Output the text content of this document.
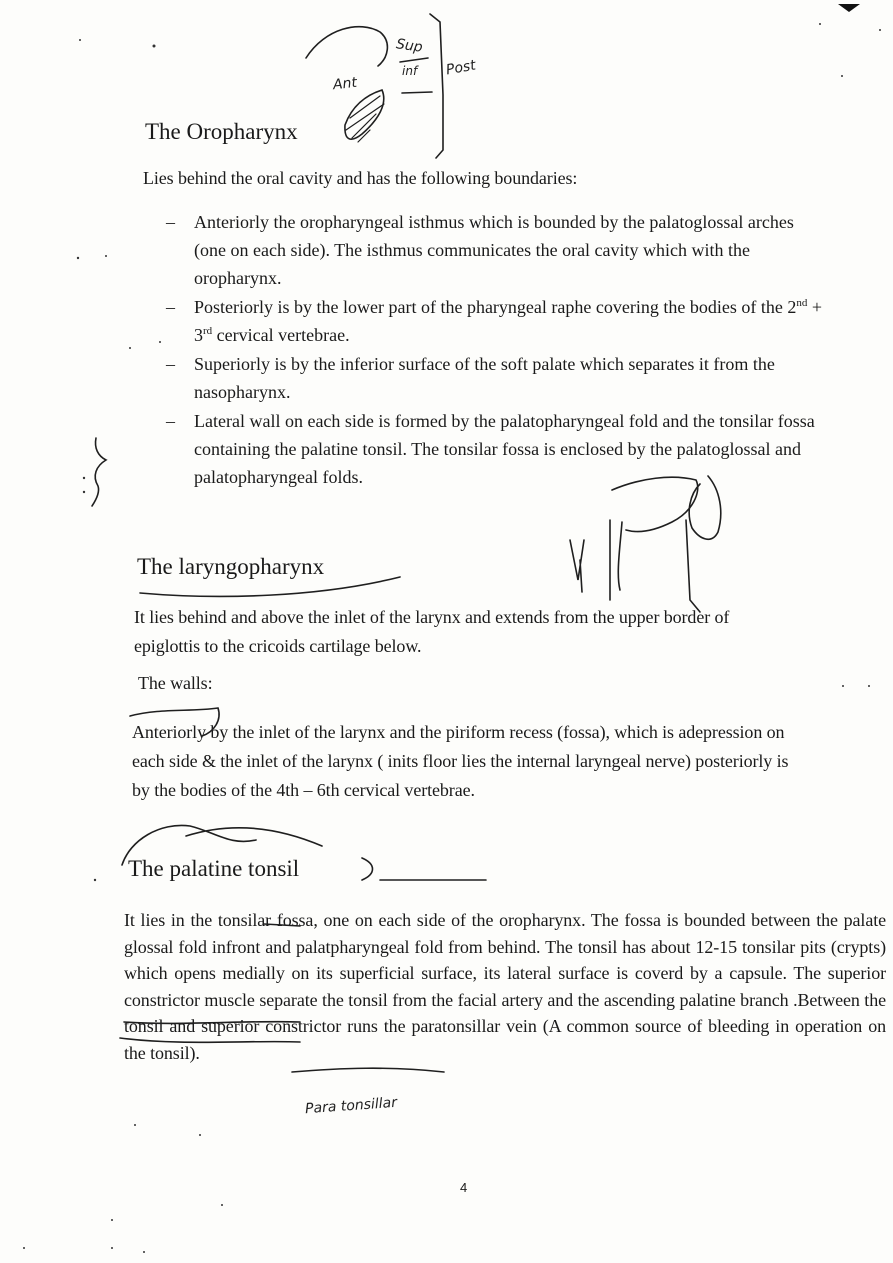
The Oropharynx
Lies behind the oral cavity and has the following boundaries:
– Anteriorly the oropharyngeal isthmus which is bounded by the palatoglossal arches (one on each side). The isthmus communicates the oral cavity which with the oropharynx.
– Posteriorly is by the lower part of the pharyngeal raphe covering the bodies of the 2nd + 3rd cervical vertebrae.
– Superiorly is by the inferior surface of the soft palate which separates it from the nasopharynx.
– Lateral wall on each side is formed by the palatopharyngeal fold and the tonsilar fossa containing the palatine tonsil. The tonsilar fossa is enclosed by the palatoglossal and palatopharyngeal folds.
The laryngopharynx
It lies behind and above the inlet of the larynx and extends from the upper border of epiglottis to the cricoids cartilage below.
The walls:
Anteriorly by the inlet of the larynx and the piriform recess (fossa), which is adepression on each side & the inlet of the larynx ( inits floor lies the internal laryngeal nerve) posteriorly is by the bodies of the 4th – 6th cervical vertebrae.
The palatine tonsil
It lies in the tonsilar fossa, one on each side of the oropharynx. The fossa is bounded between the palate glossal fold infront and palatpharyngeal fold from behind. The tonsil has about 12-15 tonsilar pits (crypts) which opens medially on its superficial surface, its lateral surface is coverd by a capsule. The superior constrictor muscle separate the tonsil from the facial artery and the ascending palatine branch .Between the tonsil and superior constrictor runs the paratonsillar vein (A common source of bleeding in operation on the tonsil).
Sup
inf Post
Ant
Para tonsillar
4
